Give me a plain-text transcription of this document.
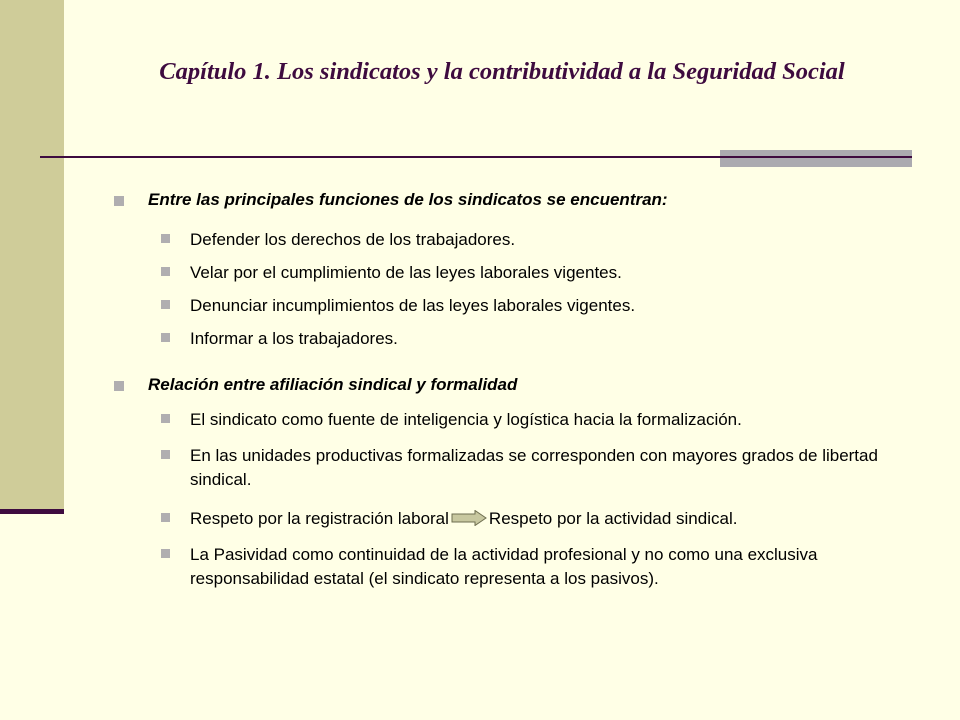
Capítulo 1. Los sindicatos y la contributividad a la Seguridad Social
Entre las principales funciones de los sindicatos se encuentran:
Defender los derechos de los trabajadores.
Velar por el cumplimiento de las leyes laborales vigentes.
Denunciar incumplimientos de las leyes laborales vigentes.
Informar a los trabajadores.
Relación entre afiliación sindical y formalidad
El sindicato como fuente de inteligencia y logística hacia la formalización.
En las unidades productivas formalizadas se corresponden con mayores grados de libertad sindical.
Respeto por la registración laboral Respeto por la actividad sindical.
La Pasividad como continuidad de la actividad profesional y no como una exclusiva responsabilidad estatal (el sindicato representa a los pasivos).
